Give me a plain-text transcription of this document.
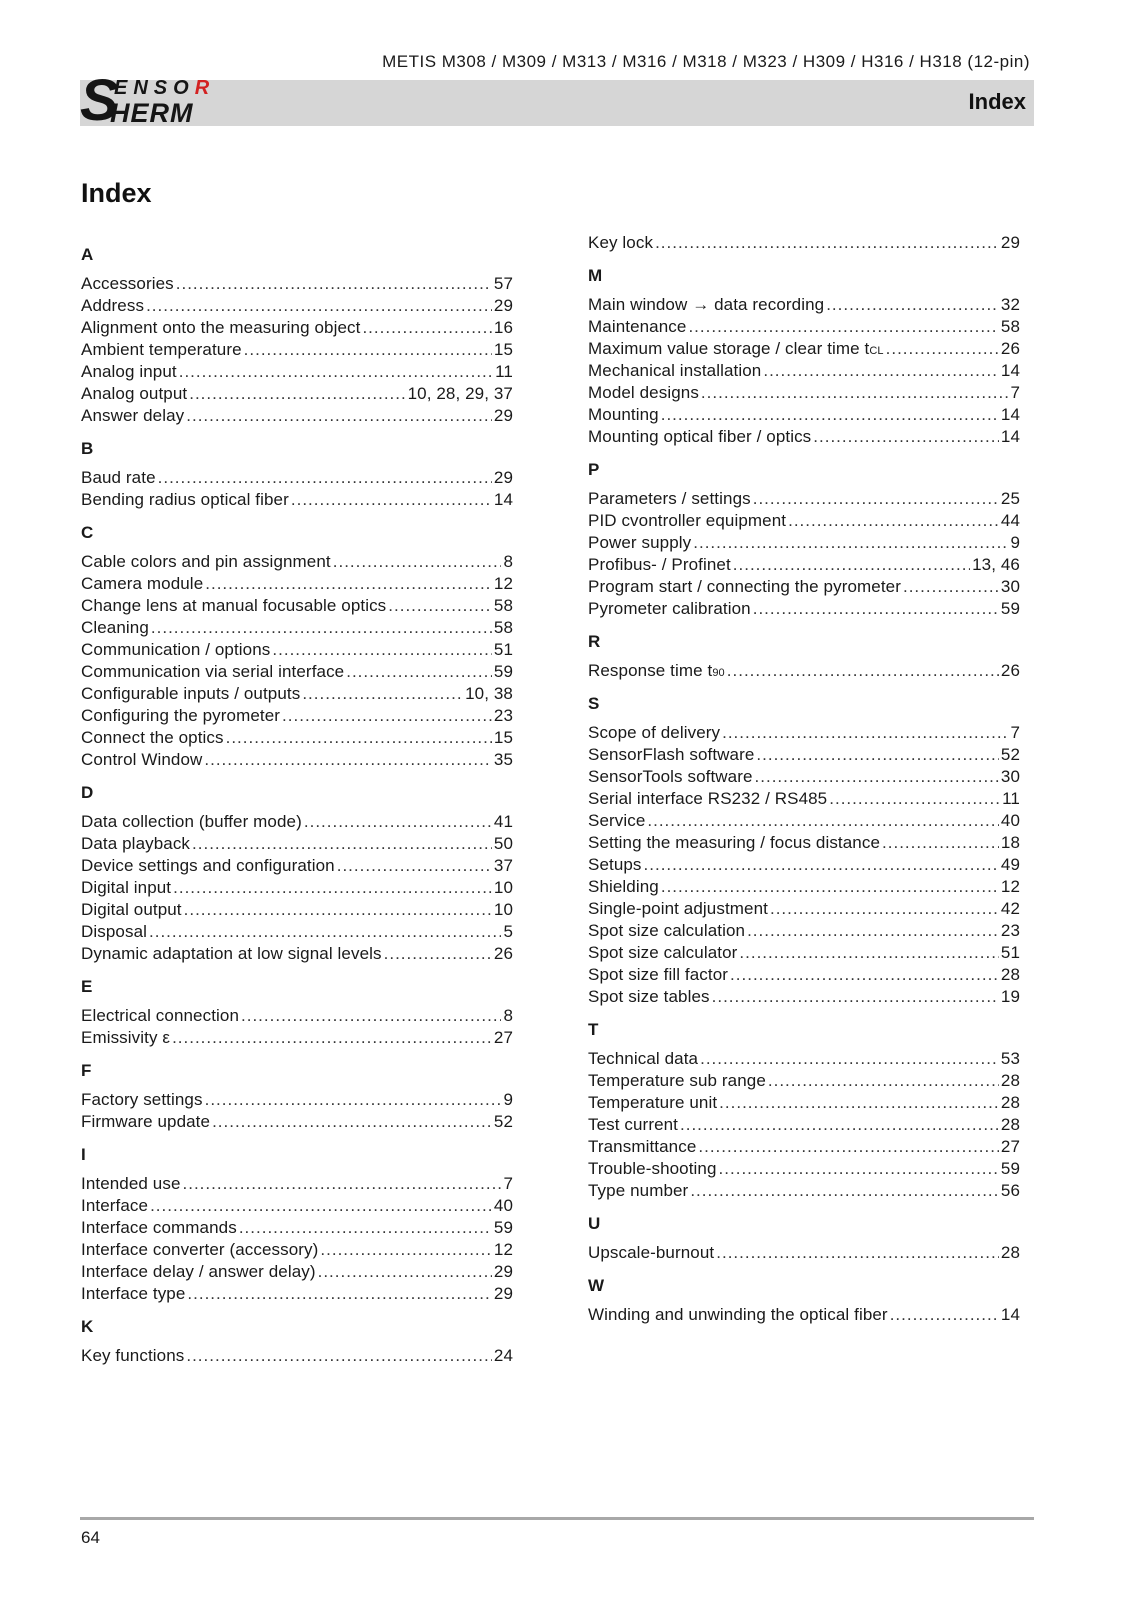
METIS M308 / M309 / M313 / M316 / M318 / M323 / H309 / H316 / H318 (12-pin)
Index
S
ENSOR
HERM
Index
A
Accessories .....	57
Address .....	29
Alignment onto the measuring object .....	16
Ambient temperature .....	15
Analog input .....	11
Analog output .....	10, 28, 29, 37
Answer delay .....	29
B
Baud rate .....	29
Bending radius optical fiber .....	14
C
Cable colors and pin assignment .....	8
Camera module .....	12
Change lens at manual focusable optics .....	58
Cleaning .....	58
Communication / options .....	51
Communication via serial interface .....	59
Configurable inputs / outputs .....	10, 38
Configuring the pyrometer .....	23
Connect the optics .....	15
Control Window .....	35
D
Data collection (buffer mode) .....	41
Data playback .....	50
Device settings and configuration .....	37
Digital input .....	10
Digital output .....	10
Disposal .....	5
Dynamic adaptation at low signal levels .....	26
E
Electrical connection .....	8
Emissivity ε .....	27
F
Factory settings .....	9
Firmware update .....	52
I
Intended use .....	7
Interface .....	40
Interface commands .....	59
Interface converter (accessory) .....	12
Interface delay / answer delay) .....	29
Interface type .....	29
K
Key functions .....	24
Key lock .....	29
M
Main window → data recording .....	32
Maintenance .....	58
Maximum value storage / clear time tCL .....	26
Mechanical installation .....	14
Model designs .....	7
Mounting .....	14
Mounting optical fiber / optics .....	14
P
Parameters / settings .....	25
PID cvontroller equipment .....	44
Power supply .....	9
Profibus- / Profinet .....	13, 46
Program start / connecting the pyrometer .....	30
Pyrometer calibration .....	59
R
Response time t90 .....	26
S
Scope of delivery .....	7
SensorFlash software .....	52
SensorTools software .....	30
Serial interface RS232 / RS485 .....	11
Service .....	40
Setting the measuring / focus distance .....	18
Setups .....	49
Shielding .....	12
Single-point adjustment .....	42
Spot size calculation .....	23
Spot size calculator .....	51
Spot size fill factor .....	28
Spot size tables .....	19
T
Technical data .....	53
Temperature sub range .....	28
Temperature unit .....	28
Test current .....	28
Transmittance .....	27
Trouble-shooting .....	59
Type number .....	56
U
Upscale-burnout .....	28
W
Winding and unwinding the optical fiber .....	14
64
